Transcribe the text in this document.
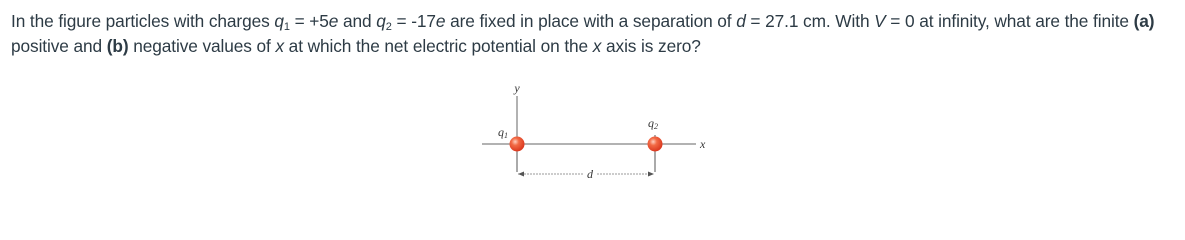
In the figure particles with charges $q_1 = +5e$ and $q_2 = -17e$ are fixed in place with a separation of d = 27.1 cm. With V = 0 at infinity, what are the finite (a) positive and (b) negative values of x at which the net electric potential on the x axis is zero?
y
x
q1
q2
d
